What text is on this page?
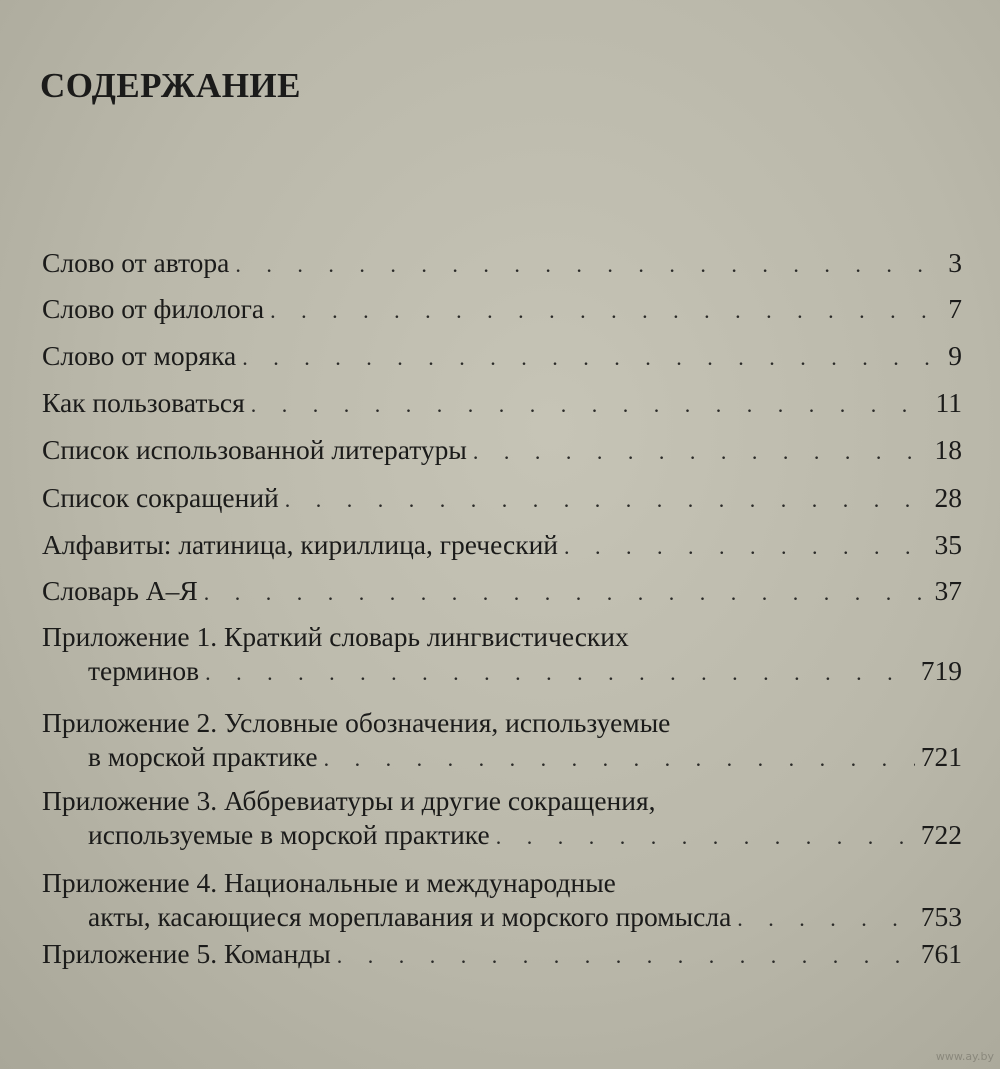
СОДЕРЖАНИЕ
Слово от автора . . .	3
Слово от филолога . . .	7
Слово от моряка . . .	9
Как пользоваться . . .	11
Список использованной литературы . . .	18
Список сокращений . . .	28
Алфавиты: латиница, кириллица, греческий . . .	35
Словарь А–Я . . .	37
Приложение 1. Краткий словарь лингвистических
терминов . . .	719
Приложение 2. Условные обозначения, используемые
в морской практике . . .	721
Приложение 3. Аббревиатуры и другие сокращения,
используемые в морской практике . . .	722
Приложение 4. Национальные и международные
акты, касающиеся мореплавания и морского промысла . . .	753
Приложение 5. Команды . . .	761
www.ay.by
